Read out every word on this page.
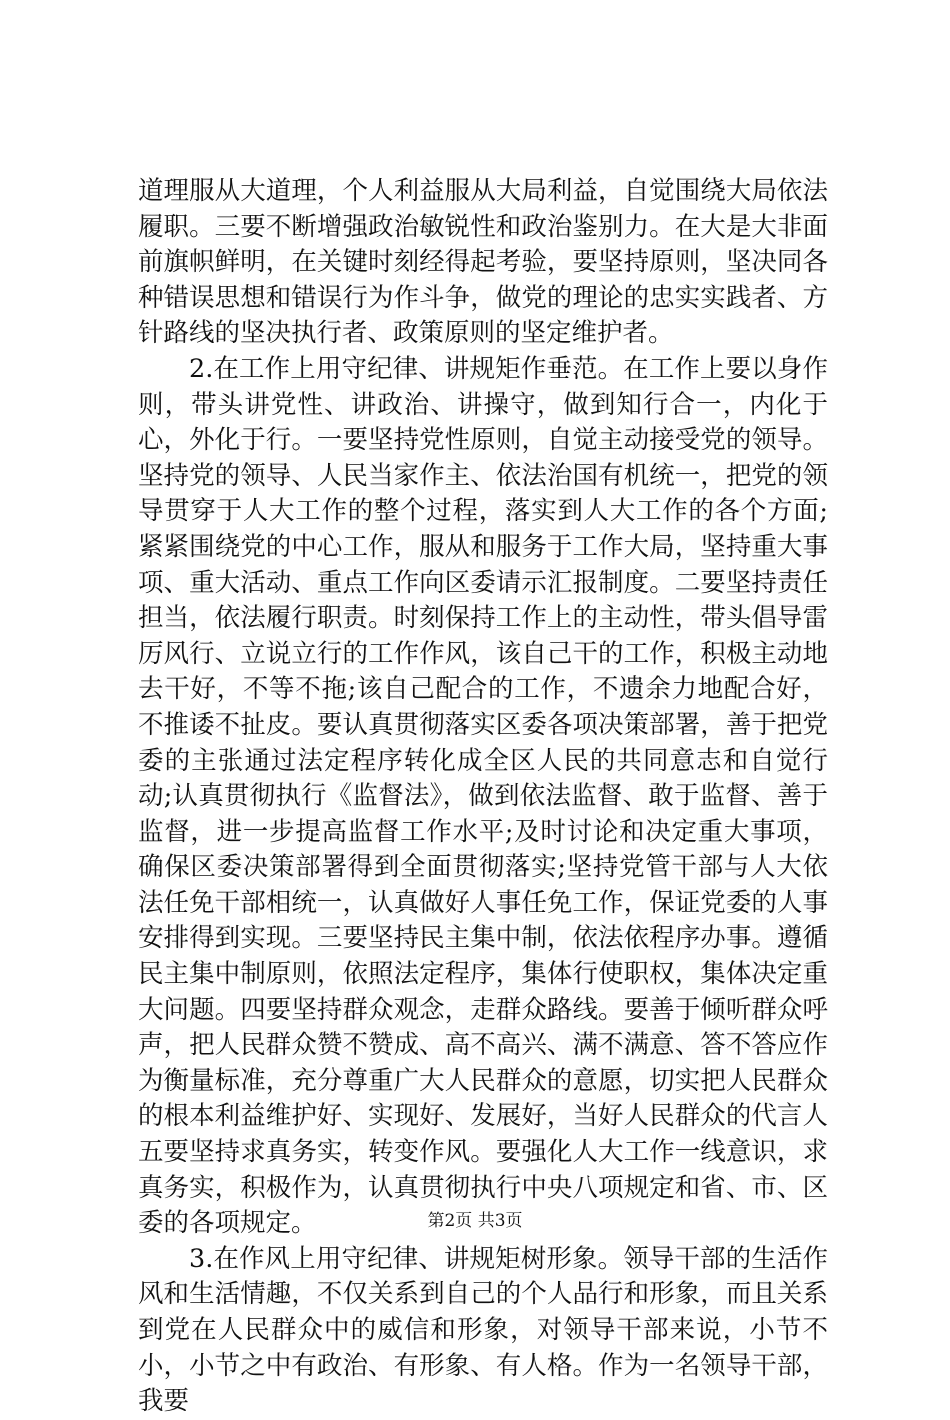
道理服从大道理，个人利益服从大局利益，自觉围绕大局依法履职。三要不断增强政治敏锐性和政治鉴别力。在大是大非面前旗帜鲜明，在关键时刻经得起考验，要坚持原则，坚决同各种错误思想和错误行为作斗争，做党的理论的忠实实践者、方针路线的坚决执行者、政策原则的坚定维护者。

2.在工作上用守纪律、讲规矩作垂范。在工作上要以身作则，带头讲党性、讲政治、讲操守，做到知行合一，内化于心，外化于行。一要坚持党性原则，自觉主动接受党的领导。坚持党的领导、人民当家作主、依法治国有机统一，把党的领导贯穿于人大工作的整个过程，落实到人大工作的各个方面;紧紧围绕党的中心工作，服从和服务于工作大局，坚持重大事项、重大活动、重点工作向区委请示汇报制度。二要坚持责任担当，依法履行职责。时刻保持工作上的主动性，带头倡导雷厉风行、立说立行的工作作风，该自己干的工作，积极主动地去干好，不等不拖;该自己配合的工作，不遗余力地配合好，不推诿不扯皮。要认真贯彻落实区委各项决策部署，善于把党委的主张通过法定程序转化成全区人民的共同意志和自觉行动;认真贯彻执行《监督法》，做到依法监督、敢于监督、善于监督，进一步提高监督工作水平;及时讨论和决定重大事项，确保区委决策部署得到全面贯彻落实;坚持党管干部与人大依法任免干部相统一，认真做好人事任免工作，保证党委的人事安排得到实现。三要坚持民主集中制，依法依程序办事。遵循民主集中制原则，依照法定程序，集体行使职权，集体决定重大问题。四要坚持群众观念，走群众路线。要善于倾听群众呼声，把人民群众赞不赞成、高不高兴、满不满意、答不答应作为衡量标准，充分尊重广大人民群众的意愿，切实把人民群众的根本利益维护好、实现好、发展好，当好人民群众的代言人五要坚持求真务实，转变作风。要强化人大工作一线意识，求真务实，积极作为，认真贯彻执行中央八项规定和省、市、区委的各项规定。

3.在作风上用守纪律、讲规矩树形象。领导干部的生活作风和生活情趣，不仅关系到自己的个人品行和形象，而且关系到党在人民群众中的威信和形象，对领导干部来说，小节不小，小节之中有政治、有形象、有人格。作为一名领导干部，我要

第2页 共3页
